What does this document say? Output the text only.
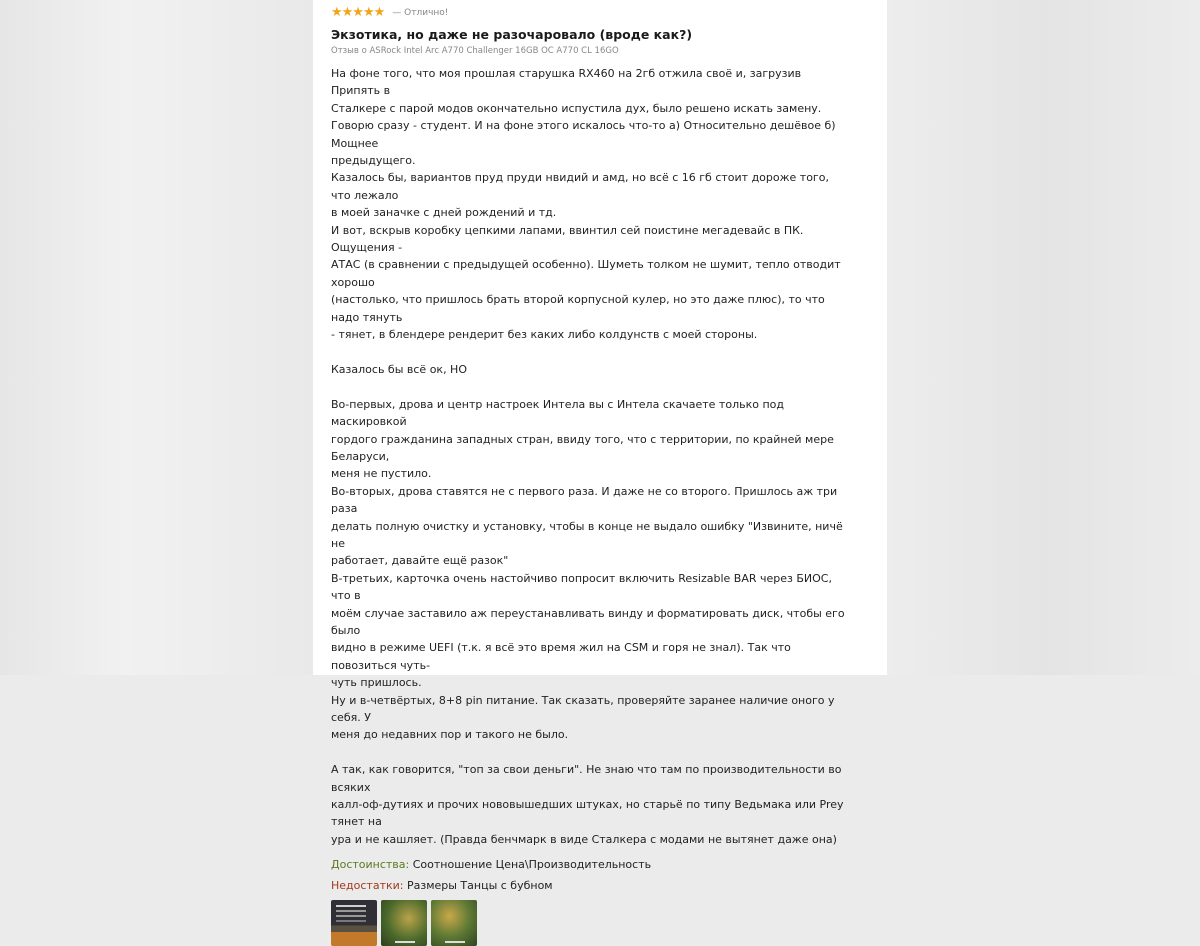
★★★★★ — Отлично!
Экзотика, но даже не разочаровало (вроде как?)
Отзыв о ASRock Intel Arc A770 Challenger 16GB OC A770 CL 16GO

На фоне того, что моя прошлая старушка RX460 на 2гб отжила своё и, загрузив Припять в

Сталкере с парой модов окончательно испустила дух, было решено искать замену.

Говорю сразу - студент. И на фоне этого искалось что-то а) Относительно дешёвое б) Мощнее

предыдущего.

Казалось бы, вариантов пруд пруди нвидий и амд, но всё с 16 гб стоит дороже того, что лежало

в моей заначке с дней рождений и тд.

И вот, вскрыв коробку цепкими лапами, ввинтил сей поистине мегадевайс в ПК. Ощущения -

АТАС (в сравнении с предыдущей особенно). Шуметь толком не шумит, тепло отводит хорошо

(настолько, что пришлось брать второй корпусной кулер, но это даже плюс), то что надо тянуть

- тянет, в блендере рендерит без каких либо колдунств с моей стороны.

Казалось бы всё ок, НО

Во-первых, дрова и центр настроек Интела вы с Интела скачаете только под маскировкой

гордого гражданина западных стран, ввиду того, что с территории, по крайней мере Беларуси,

меня не пустило.

Во-вторых, дрова ставятся не с первого раза. И даже не со второго. Пришлось аж три раза

делать полную очистку и установку, чтобы в конце не выдало ошибку "Извините, ничё не

работает, давайте ещё разок"

В-третьих, карточка очень настойчиво попросит включить Resizable BAR через БИОС, что в

моём случае заставило аж переустанавливать винду и форматировать диск, чтобы его было

видно в режиме UEFI (т.к. я всё это время жил на CSM и горя не знал). Так что повозиться чуть-

чуть пришлось.

Ну и в-четвёртых, 8+8 pin питание. Так сказать, проверяйте заранее наличие оного у себя. У

меня до недавних пор и такого не было.

А так, как говорится, "топ за свои деньги". Не знаю что там по производительности во всяких

калл-оф-дутиях и прочих нововышедших штуках, но старьё по типу Ведьмака или Prey тянет на

ура и не кашляет. (Правда бенчмарк в виде Сталкера с модами не вытянет даже она)

Достоинства: Соотношение Цена\Производительность
Недостатки: Размеры Танцы с бубном
